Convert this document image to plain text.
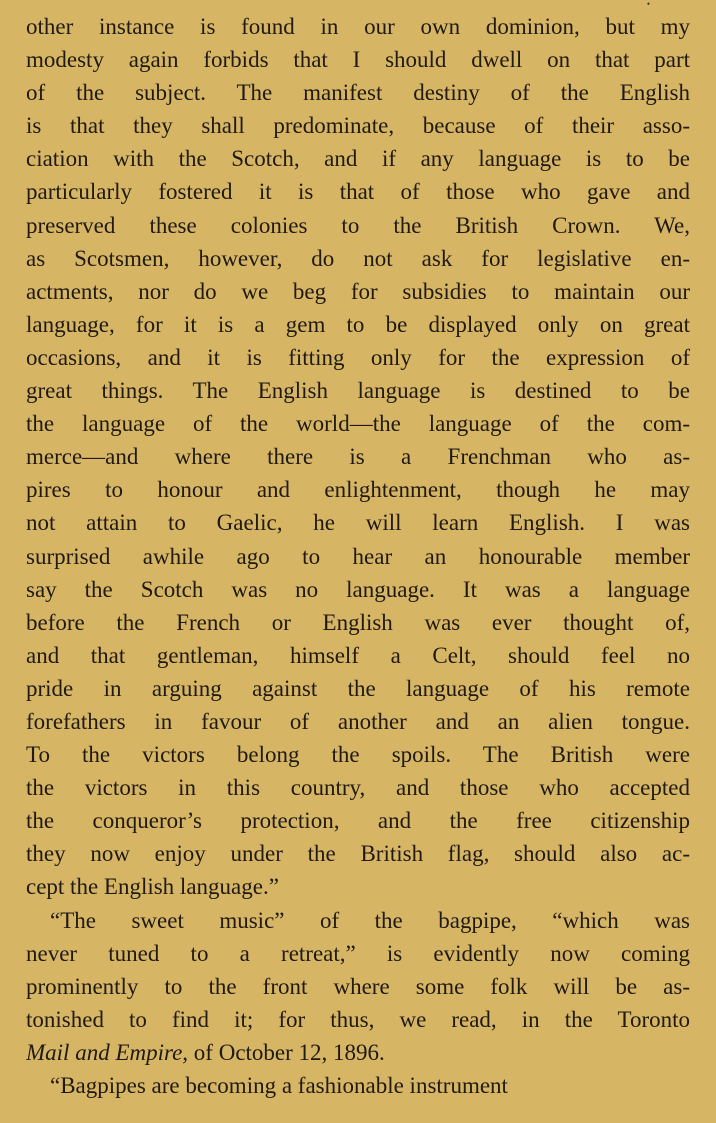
•
other instance is found in our own dominion, but my
modesty again forbids that I should dwell on that part
of the subject. The manifest destiny of the English
is that they shall predominate, because of their asso-
ciation with the Scotch, and if any language is to be
particularly fostered it is that of those who gave and
preserved these colonies to the British Crown. We,
as Scotsmen, however, do not ask for legislative en-
actments, nor do we beg for subsidies to maintain our
language, for it is a gem to be displayed only on great
occasions, and it is fitting only for the expression of
great things. The English language is destined to be
the language of the world—the language of the com-
merce—and where there is a Frenchman who as-
pires to honour and enlightenment, though he may
not attain to Gaelic, he will learn English. I was
surprised awhile ago to hear an honourable member
say the Scotch was no language. It was a language
before the French or English was ever thought of,
and that gentleman, himself a Celt, should feel no
pride in arguing against the language of his remote
forefathers in favour of another and an alien tongue.
To the victors belong the spoils. The British were
the victors in this country, and those who accepted
the conqueror’s protection, and the free citizenship
they now enjoy under the British flag, should also ac-
cept the English language.”
“The sweet music” of the bagpipe, “which was
never tuned to a retreat,” is evidently now coming
prominently to the front where some folk will be as-
tonished to find it; for thus, we read, in the Toronto
Mail and Empire, of October 12, 1896.
“Bagpipes are becoming a fashionable instrument
